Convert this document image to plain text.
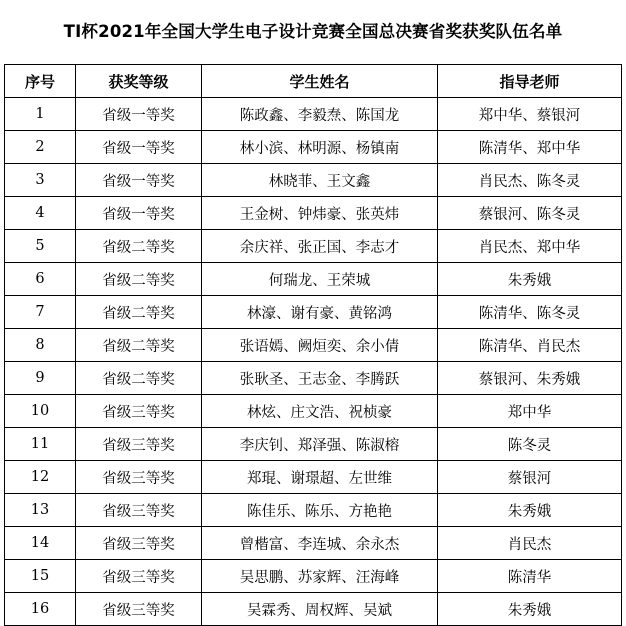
TI杯2021年全国大学生电子设计竞赛全国总决赛省奖获奖队伍名单
序号	获奖等级	学生姓名	指导老师
1	省级一等奖	陈政鑫、李毅焘、陈国龙	郑中华、蔡银河
2	省级一等奖	林小滨、林明源、杨镇南	陈清华、郑中华
3	省级一等奖	林晓菲、王文鑫	肖民杰、陈冬灵
4	省级一等奖	王金树、钟炜豪、张英炜	蔡银河、陈冬灵
5	省级二等奖	余庆祥、张正国、李志才	肖民杰、郑中华
6	省级二等奖	何瑞龙、王荣城	朱秀娥
7	省级二等奖	林濠、谢有豪、黄铭鸿	陈清华、陈冬灵
8	省级二等奖	张语嫣、阙烜奕、余小倩	陈清华、肖民杰
9	省级二等奖	张耿圣、王志金、李腾跃	蔡银河、朱秀娥
10	省级三等奖	林炫、庄文浩、祝桢豪	郑中华
11	省级三等奖	李庆钊、郑泽强、陈淑榕	陈冬灵
12	省级三等奖	郑琨、谢璟超、左世维	蔡银河
13	省级三等奖	陈佳乐、陈乐、方艳艳	朱秀娥
14	省级三等奖	曾楷富、李连城、余永杰	肖民杰
15	省级三等奖	吴思鹏、苏家辉、汪海峰	陈清华
16	省级三等奖	吴霖秀、周权辉、吴斌	朱秀娥
